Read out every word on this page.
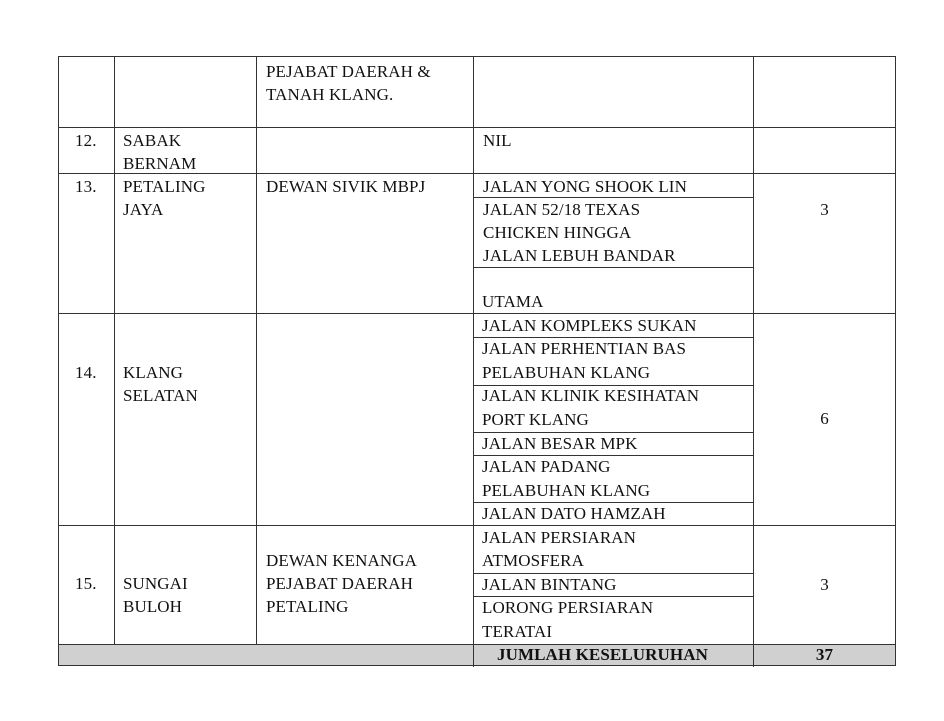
PEJABAT DAERAH &
TANAH KLANG.
12. SABAK
BERNAM
NIL
13. PETALING
JAYA
DEWAN SIVIK MBPJ	JALAN YONG SHOOK LIN
JALAN 52/18 TEXAS
CHICKEN HINGGA
JALAN LEBUH BANDAR
3
14. KLANG
SELATAN
6
15. SUNGAI
BULOH
DEWAN KENANGA
PEJABAT DAERAH
PETALING
3
JUMLAH KESELURUHAN	37
UTAMA
JALAN KOMPLEKS SUKAN
JALAN PERHENTIAN BAS
PELABUHAN KLANG
JALAN KLINIK KESIHATAN
PORT KLANG
JALAN BESAR MPK
JALAN PADANG
PELABUHAN KLANG
JALAN DATO HAMZAH
JALAN PERSIARAN
ATMOSFERA
JALAN BINTANG
LORONG PERSIARAN
TERATAI
